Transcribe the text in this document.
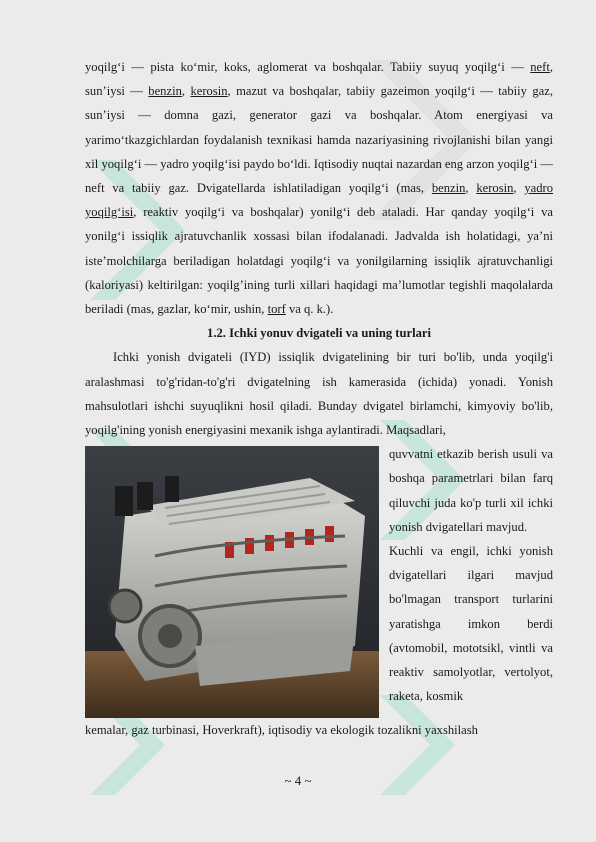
yoqilg‘i — pista ko‘mir, koks, aglomerat va boshqalar. Tabiiy suyuq yoqilg‘i — neft, sun’iysi — benzin, kerosin, mazut va boshqalar, tabiiy gazeimon yoqilg‘i — tabiiy gaz, sun’iysi — domna gazi, generator gazi va boshqalar. Atom energiyasi va yarimo‘tkazgichlardan foydalanish texnikasi hamda nazariyasining rivojlanishi bilan yangi xil yoqilg‘i — yadro yoqilg‘isi paydo bo‘ldi. Iqtisodiy nuqtai nazardan eng arzon yoqilg‘i —neft va tabiiy gaz. Dvigatellarda ishlatiladigan yoqilg‘i (mas, benzin, kerosin, yadro yoqilg‘isi, reaktiv yoqilg‘i va boshqalar) yonilg‘i deb ataladi. Har qanday yoqilg‘i va yonilg‘i issiqlik ajratuvchanlik xossasi bilan ifodalanadi. Jadvalda ish holatidagi, ya’ni iste’molchilarga beriladigan holatdagi yoqilg‘i va yonilgilarning issiqlik ajratuvchanligi (kaloriyasi) keltirilgan: yoqilg’ining turli xillari haqidagi ma’lumotlar tegishli maqolalarda beriladi (mas, gazlar, ko‘mir, ushin, torf va q. k.).

1.2. Ichki yonuv dvigateli va uning turlari

Ichki yonish dvigateli (IYD) issiqlik dvigatelining bir turi bo'lib, unda yoqilg'i aralashmasi to'g'ridan-to'g'ri dvigatelning ish kamerasida (ichida) yonadi. Yonish mahsulotlari ishchi suyuqlikni hosil qiladi. Bunday dvigatel birlamchi, kimyoviy bo'lib, yoqilg'ining yonish energiyasini mexanik ishga aylantiradi. Maqsadlari,

quvvatni etkazib berish usuli va boshqa parametrlari bilan farq qiluvchi juda ko'p turli xil ichki yonish dvigatellari mavjud.

Kuchli va engil, ichki yonish dvigatellari ilgari mavjud bo'lmagan transport turlarini yaratishga imkon berdi (avtomobil, mototsikl, vintli va reaktiv samolyotlar, vertolyot, raketa, kosmik

kemalar, gaz turbinasi, Hoverkraft), iqtisodiy va ekologik tozalikni yaxshilash

~ 4 ~
